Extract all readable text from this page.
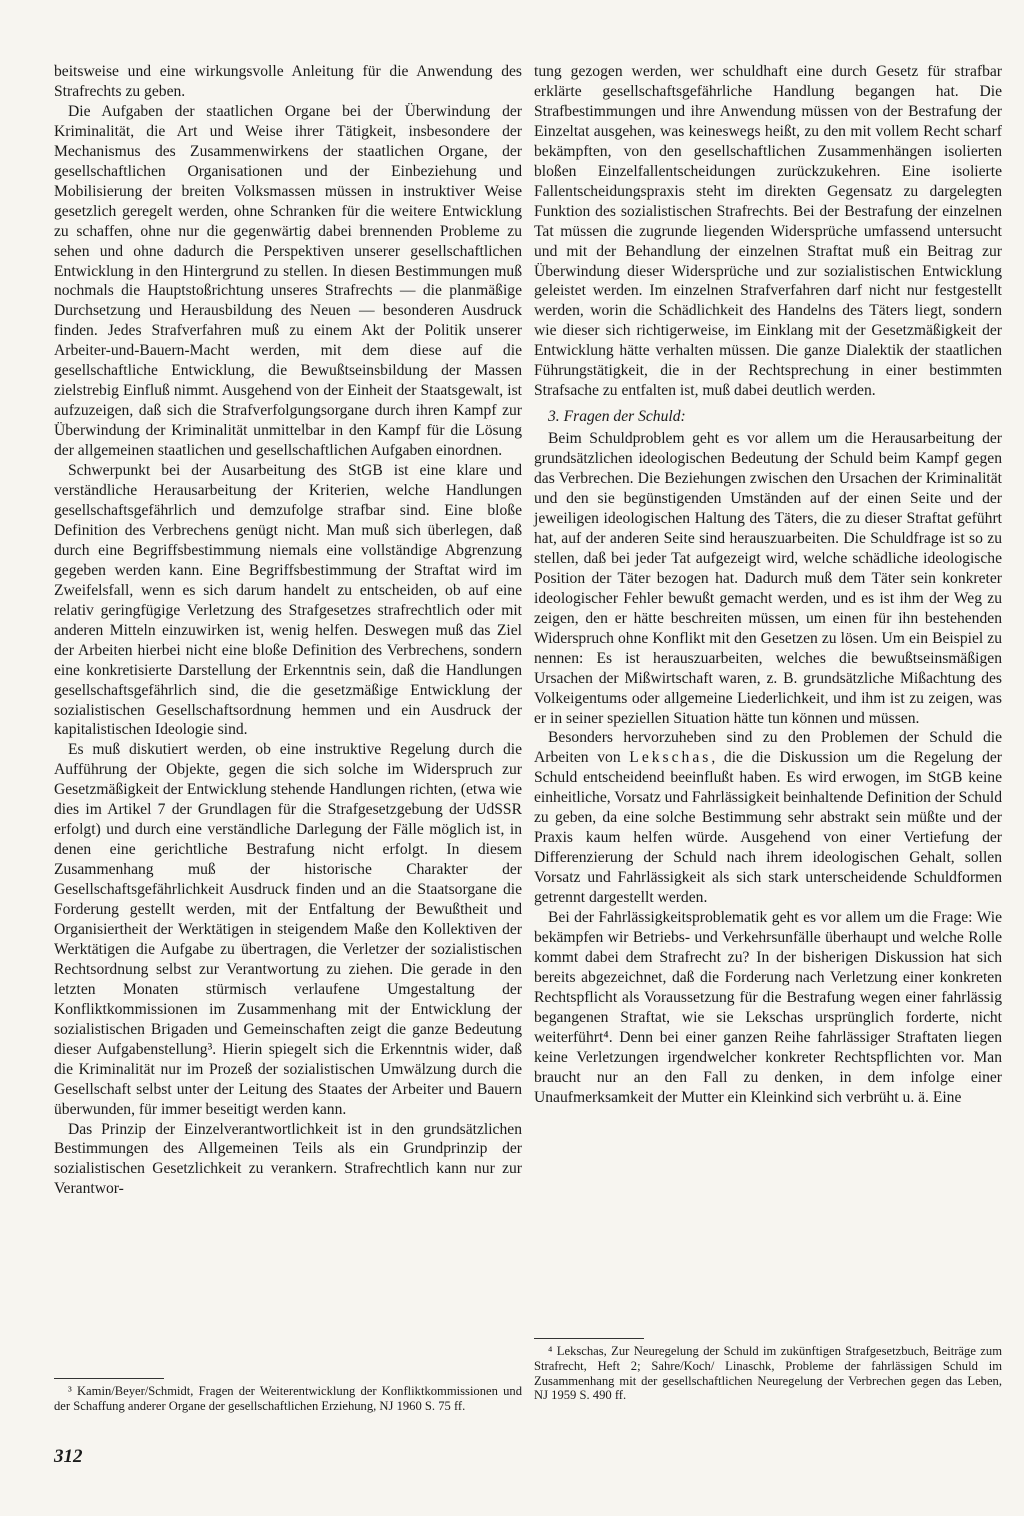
beitsweise und eine wirkungsvolle Anleitung für die Anwendung des Strafrechts zu geben.

Die Aufgaben der staatlichen Organe bei der Überwindung der Kriminalität, die Art und Weise ihrer Tätigkeit, insbesondere der Mechanismus des Zusammenwirkens der staatlichen Organe, der gesellschaftlichen Organisationen und der Einbeziehung und Mobilisierung der breiten Volksmassen müssen in instruktiver Weise gesetzlich geregelt werden, ohne Schranken für die weitere Entwicklung zu schaffen, ohne nur die gegenwärtig dabei brennenden Probleme zu sehen und ohne dadurch die Perspektiven unserer gesellschaftlichen Entwicklung in den Hintergrund zu stellen. In diesen Bestimmungen muß nochmals die Hauptstoßrichtung unseres Strafrechts — die planmäßige Durchsetzung und Herausbildung des Neuen — besonderen Ausdruck finden. Jedes Strafverfahren muß zu einem Akt der Politik unserer Arbeiter-und-Bauern-Macht werden, mit dem diese auf die gesellschaftliche Entwicklung, die Bewußtseinsbildung der Massen zielstrebig Einfluß nimmt. Ausgehend von der Einheit der Staatsgewalt, ist aufzuzeigen, daß sich die Strafverfolgungsorgane durch ihren Kampf zur Überwindung der Kriminalität unmittelbar in den Kampf für die Lösung der allgemeinen staatlichen und gesellschaftlichen Aufgaben einordnen.

Schwerpunkt bei der Ausarbeitung des StGB ist eine klare und verständliche Herausarbeitung der Kriterien, welche Handlungen gesellschaftsgefährlich und demzufolge strafbar sind. Eine bloße Definition des Verbrechens genügt nicht. Man muß sich überlegen, daß durch eine Begriffsbestimmung niemals eine vollständige Abgrenzung gegeben werden kann. Eine Begriffsbestimmung der Straftat wird im Zweifelsfall, wenn es sich darum handelt zu entscheiden, ob auf eine relativ geringfügige Verletzung des Strafgesetzes strafrechtlich oder mit anderen Mitteln einzuwirken ist, wenig helfen. Deswegen muß das Ziel der Arbeiten hierbei nicht eine bloße Definition des Verbrechens, sondern eine konkretisierte Darstellung der Erkenntnis sein, daß die Handlungen gesellschaftsgefährlich sind, die die gesetzmäßige Entwicklung der sozialistischen Gesellschaftsordnung hemmen und ein Ausdruck der kapitalistischen Ideologie sind.

Es muß diskutiert werden, ob eine instruktive Regelung durch die Aufführung der Objekte, gegen die sich solche im Widerspruch zur Gesetzmäßigkeit der Entwicklung stehende Handlungen richten, (etwa wie dies im Artikel 7 der Grundlagen für die Strafgesetzgebung der UdSSR erfolgt) und durch eine verständliche Darlegung der Fälle möglich ist, in denen eine gerichtliche Bestrafung nicht erfolgt. In diesem Zusammenhang muß der historische Charakter der Gesellschaftsgefährlichkeit Ausdruck finden und an die Staatsorgane die Forderung gestellt werden, mit der Entfaltung der Bewußtheit und Organisiertheit der Werktätigen in steigendem Maße den Kollektiven der Werktätigen die Aufgabe zu übertragen, die Verletzer der sozialistischen Rechtsordnung selbst zur Verantwortung zu ziehen. Die gerade in den letzten Monaten stürmisch verlaufene Umgestaltung der Konfliktkommissionen im Zusammenhang mit der Entwicklung der sozialistischen Brigaden und Gemeinschaften zeigt die ganze Bedeutung dieser Aufgabenstellung³. Hierin spiegelt sich die Erkenntnis wider, daß die Kriminalität nur im Prozeß der sozialistischen Umwälzung durch die Gesellschaft selbst unter der Leitung des Staates der Arbeiter und Bauern überwunden, für immer beseitigt werden kann.

Das Prinzip der Einzelverantwortlichkeit ist in den grundsätzlichen Bestimmungen des Allgemeinen Teils als ein Grundprinzip der sozialistischen Gesetzlichkeit zu verankern. Strafrechtlich kann nur zur Verantwor-

tung gezogen werden, wer schuldhaft eine durch Gesetz für strafbar erklärte gesellschaftsgefährliche Handlung begangen hat. Die Strafbestimmungen und ihre Anwendung müssen von der Bestrafung der Einzeltat ausgehen, was keineswegs heißt, zu den mit vollem Recht scharf bekämpften, von den gesellschaftlichen Zusammenhängen isolierten bloßen Einzelfallentscheidungen zurückzukehren. Eine isolierte Fallentscheidungspraxis steht im direkten Gegensatz zu dargelegten Funktion des sozialistischen Strafrechts. Bei der Bestrafung der einzelnen Tat müssen die zugrunde liegenden Widersprüche umfassend untersucht und mit der Behandlung der einzelnen Straftat muß ein Beitrag zur Überwindung dieser Widersprüche und zur sozialistischen Entwicklung geleistet werden. Im einzelnen Strafverfahren darf nicht nur festgestellt werden, worin die Schädlichkeit des Handelns des Täters liegt, sondern wie dieser sich richtigerweise, im Einklang mit der Gesetzmäßigkeit der Entwicklung hätte verhalten müssen. Die ganze Dialektik der staatlichen Führungstätigkeit, die in der Rechtsprechung in einer bestimmten Strafsache zu entfalten ist, muß dabei deutlich werden.

3. Fragen der Schuld:

Beim Schuldproblem geht es vor allem um die Herausarbeitung der grundsätzlichen ideologischen Bedeutung der Schuld beim Kampf gegen das Verbrechen. Die Beziehungen zwischen den Ursachen der Kriminalität und den sie begünstigenden Umständen auf der einen Seite und der jeweiligen ideologischen Haltung des Täters, die zu dieser Straftat geführt hat, auf der anderen Seite sind herauszuarbeiten. Die Schuldfrage ist so zu stellen, daß bei jeder Tat aufgezeigt wird, welche schädliche ideologische Position der Täter bezogen hat. Dadurch muß dem Täter sein konkreter ideologischer Fehler bewußt gemacht werden, und es ist ihm der Weg zu zeigen, den er hätte beschreiten müssen, um einen für ihn bestehenden Widerspruch ohne Konflikt mit den Gesetzen zu lösen. Um ein Beispiel zu nennen: Es ist herauszuarbeiten, welches die bewußtseinsmäßigen Ursachen der Mißwirtschaft waren, z. B. grundsätzliche Mißachtung des Volkeigentums oder allgemeine Liederlichkeit, und ihm ist zu zeigen, was er in seiner speziellen Situation hätte tun können und müssen.

Besonders hervorzuheben sind zu den Problemen der Schuld die Arbeiten von Lekschas, die die Diskussion um die Regelung der Schuld entscheidend beeinflußt haben. Es wird erwogen, im StGB keine einheitliche, Vorsatz und Fahrlässigkeit beinhaltende Definition der Schuld zu geben, da eine solche Bestimmung sehr abstrakt sein müßte und der Praxis kaum helfen würde. Ausgehend von einer Vertiefung der Differenzierung der Schuld nach ihrem ideologischen Gehalt, sollen Vorsatz und Fahrlässigkeit als sich stark unterscheidende Schuldformen getrennt dargestellt werden.

Bei der Fahrlässigkeitsproblematik geht es vor allem um die Frage: Wie bekämpfen wir Betriebs- und Verkehrsunfälle überhaupt und welche Rolle kommt dabei dem Strafrecht zu? In der bisherigen Diskussion hat sich bereits abgezeichnet, daß die Forderung nach Verletzung einer konkreten Rechtspflicht als Voraussetzung für die Bestrafung wegen einer fahrlässig begangenen Straftat, wie sie Lekschas ursprünglich forderte, nicht weiterführt⁴. Denn bei einer ganzen Reihe fahrlässiger Straftaten liegen keine Verletzungen irgendwelcher konkreter Rechtspflichten vor. Man braucht nur an den Fall zu denken, in dem infolge einer Unaufmerksamkeit der Mutter ein Kleinkind sich verbrüht u. ä. Eine

³ Kamin/Beyer/Schmidt, Fragen der Weiterentwicklung der Konfliktkommissionen und der Schaffung anderer Organe der gesellschaftlichen Erziehung, NJ 1960 S. 75 ff.

⁴ Lekschas, Zur Neuregelung der Schuld im zukünftigen Strafgesetzbuch, Beiträge zum Strafrecht, Heft 2; Sahre/Koch/ Linaschk, Probleme der fahrlässigen Schuld im Zusammenhang mit der gesellschaftlichen Neuregelung der Verbrechen gegen das Leben, NJ 1959 S. 490 ff.

312
